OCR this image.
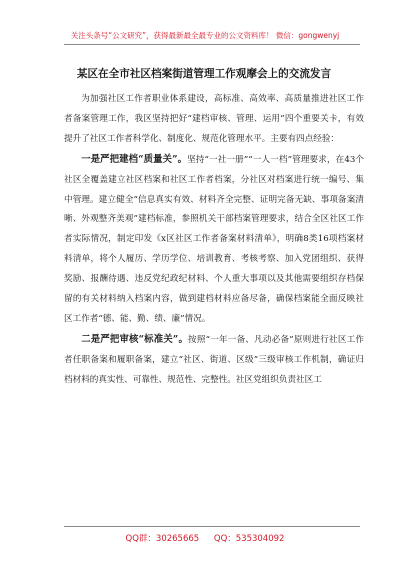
关注头条号“公文研究”，获得最新最全最专业的公文资料库！ 微信：gongwenyj
某区在全市社区档案街道管理工作观摩会上的交流发言

为加强社区工作者职业体系建设，高标准、高效率、高质量推进社区工作者备案管理工作，我区坚持把好“建档审核、管理、运用”四个重要关卡，有效提升了社区工作者科学化、制度化、规范化管理水平。主要有四点经验：

一是严把建档“质量关”。坚持“一社一册”“一人一档”管理要求，在43个社区全覆盖建立社区档案和社区工作者档案，分社区对档案进行统一编号、集中管理。建立健全“信息真实有效、材料齐全完整、证明完备无缺、事项备案清晰、外观整齐美观”建档标准，参照机关干部档案管理要求，结合全区社区工作者实际情况，制定印发《x区社区工作者备案材料清单》，明确8类16项档案材料清单，将个人履历、学历学位、培训教育、考核考察、加入党团组织、获得奖励、报酬待遇、违反党纪政纪材料、个人重大事项以及其他需要组织存档保留的有关材料纳入档案内容，做到建档材料应备尽备，确保档案能全面反映社区工作者“德、能、勤、绩、廉”情况。

二是严把审核“标准关”。按照“一年一备、凡动必备”原则进行社区工作者任职备案和履职备案，建立“社区、街道、区级”三级审核工作机制，确证归档材料的真实性、可靠性、规范性、完整性。社区党组织负责社区工

QQ群：30265665 QQ：535304092
